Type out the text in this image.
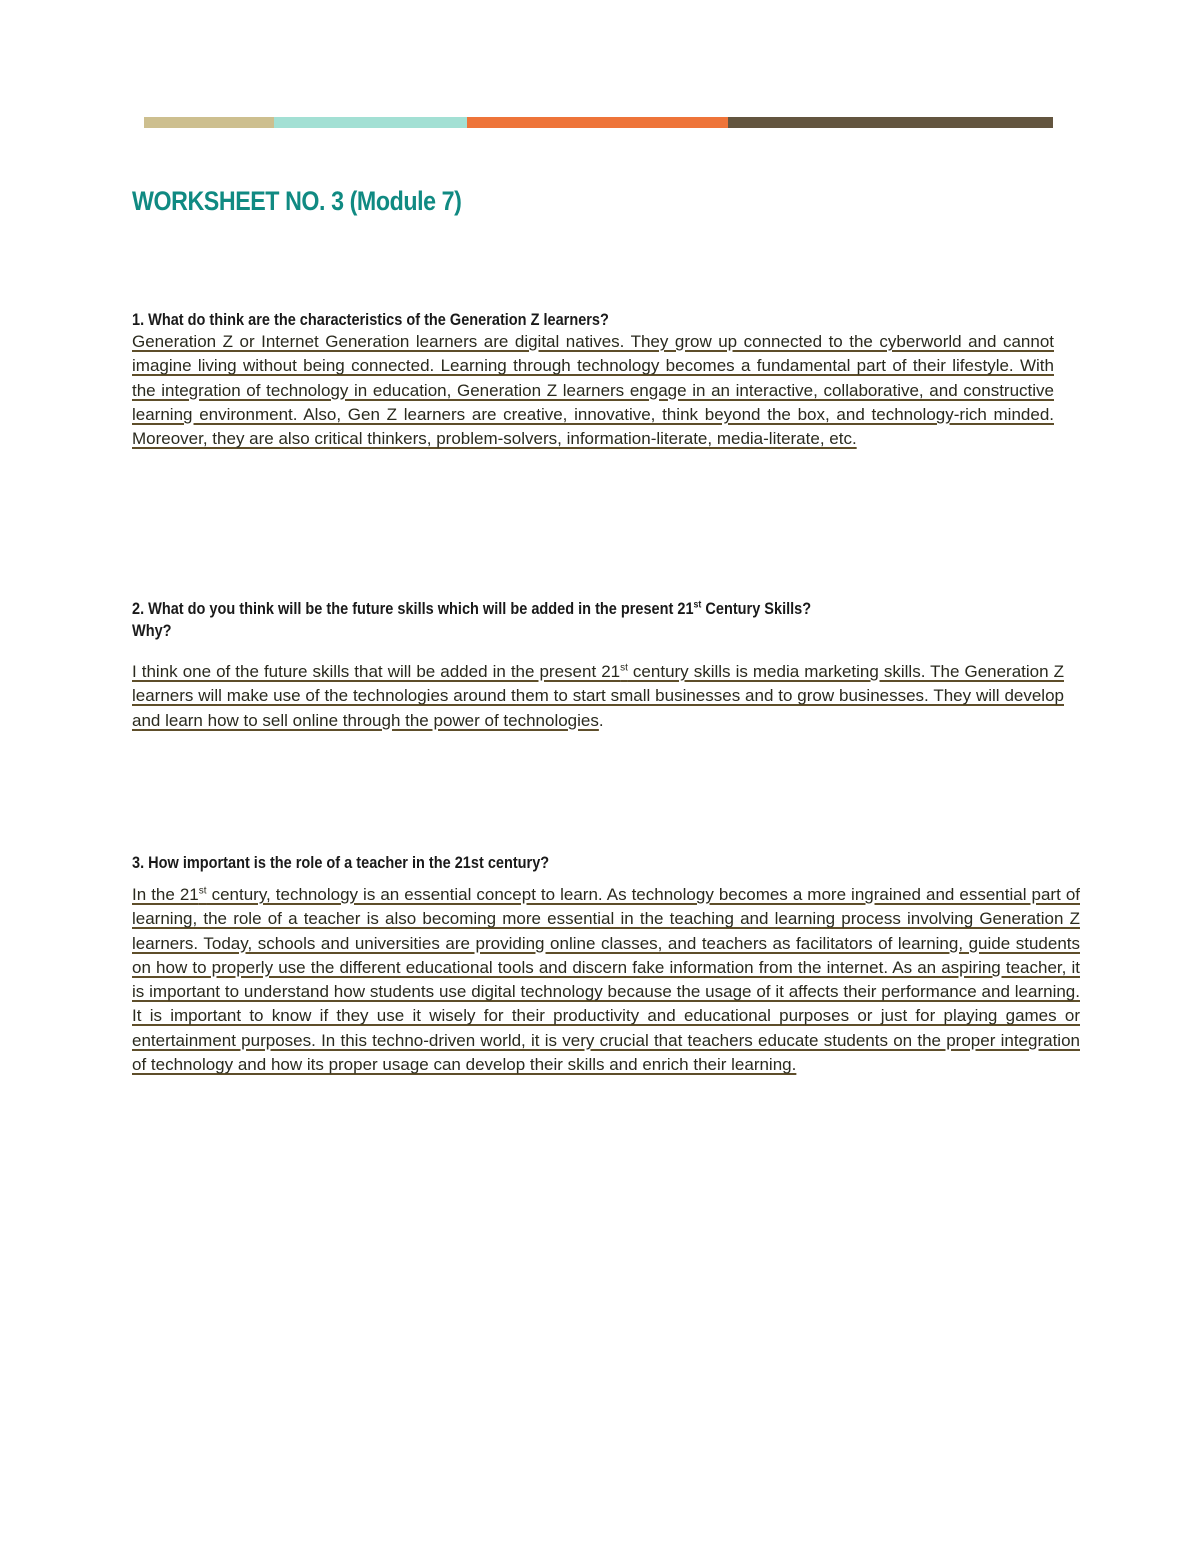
WORKSHEET NO. 3 (Module 7)

1. What do think are the characteristics of the Generation Z learners?

Generation Z or Internet Generation learners are digital natives. They grow up connected to the cyberworld and cannot imagine living without being connected. Learning through technology becomes a fundamental part of their lifestyle. With the integration of technology in education, Generation Z learners engage in an interactive, collaborative, and constructive learning environment. Also, Gen Z learners are creative, innovative, think beyond the box, and technology-rich minded. Moreover, they are also critical thinkers, problem-solvers, information-literate, media-literate, etc.

2. What do you think will be the future skills which will be added in the present 21st Century Skills?
Why?

I think one of the future skills that will be added in the present 21st century skills is media marketing skills. The Generation Z learners will make use of the technologies around them to start small businesses and to grow businesses. They will develop and learn how to sell online through the power of technologies.

3. How important is the role of a teacher in the 21st century?

In the 21st century, technology is an essential concept to learn. As technology becomes a more ingrained and essential part of learning, the role of a teacher is also becoming more essential in the teaching and learning process involving Generation Z learners. Today, schools and universities are providing online classes, and teachers as facilitators of learning, guide students on how to properly use the different educational tools and discern fake information from the internet. As an aspiring teacher, it is important to understand how students use digital technology because the usage of it affects their performance and learning. It is important to know if they use it wisely for their productivity and educational purposes or just for playing games or entertainment purposes. In this techno-driven world, it is very crucial that teachers educate students on the proper integration of technology and how its proper usage can develop their skills and enrich their learning.
